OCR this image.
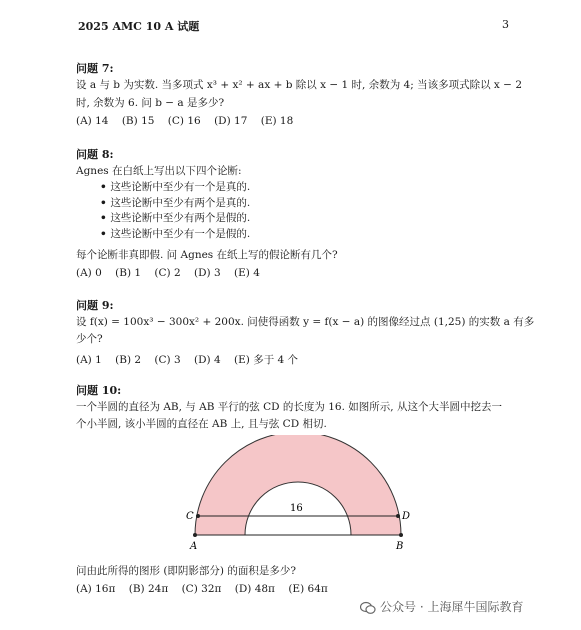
2025 AMC 10 A 试题	3
问题 7:
设 a 与 b 为实数. 当多项式 x³ + x² + ax + b 除以 x − 1 时, 余数为 4; 当该多项式除以 x − 2
时, 余数为 6. 问 b − a 是多少?
(A) 14 (B) 15 (C) 16 (D) 17 (E) 18
问题 8:
Agnes 在白纸上写出以下四个论断:
• 这些论断中至少有一个是真的.
• 这些论断中至少有两个是真的.
• 这些论断中至少有两个是假的.
• 这些论断中至少有一个是假的.
每个论断非真即假. 问 Agnes 在纸上写的假论断有几个?
(A) 0 (B) 1 (C) 2 (D) 3 (E) 4
问题 9:
设 f(x) = 100x³ − 300x² + 200x. 问使得函数 y = f(x − a) 的图像经过点 (1,25) 的实数 a 有多
少个?
(A) 1 (B) 2 (C) 3 (D) 4 (E) 多于 4 个
问题 10:
一个半圆的直径为 AB, 与 AB 平行的弦 CD 的长度为 16. 如图所示, 从这个大半圆中挖去一
个小半圆, 该小半圆的直径在 AB 上, 且与弦 CD 相切.
C	D
A	B
16
问由此所得的图形 (即阴影部分) 的面积是多少?
(A) 16π (B) 24π (C) 32π (D) 48π (E) 64π
公众号 · 上海犀牛国际教育
